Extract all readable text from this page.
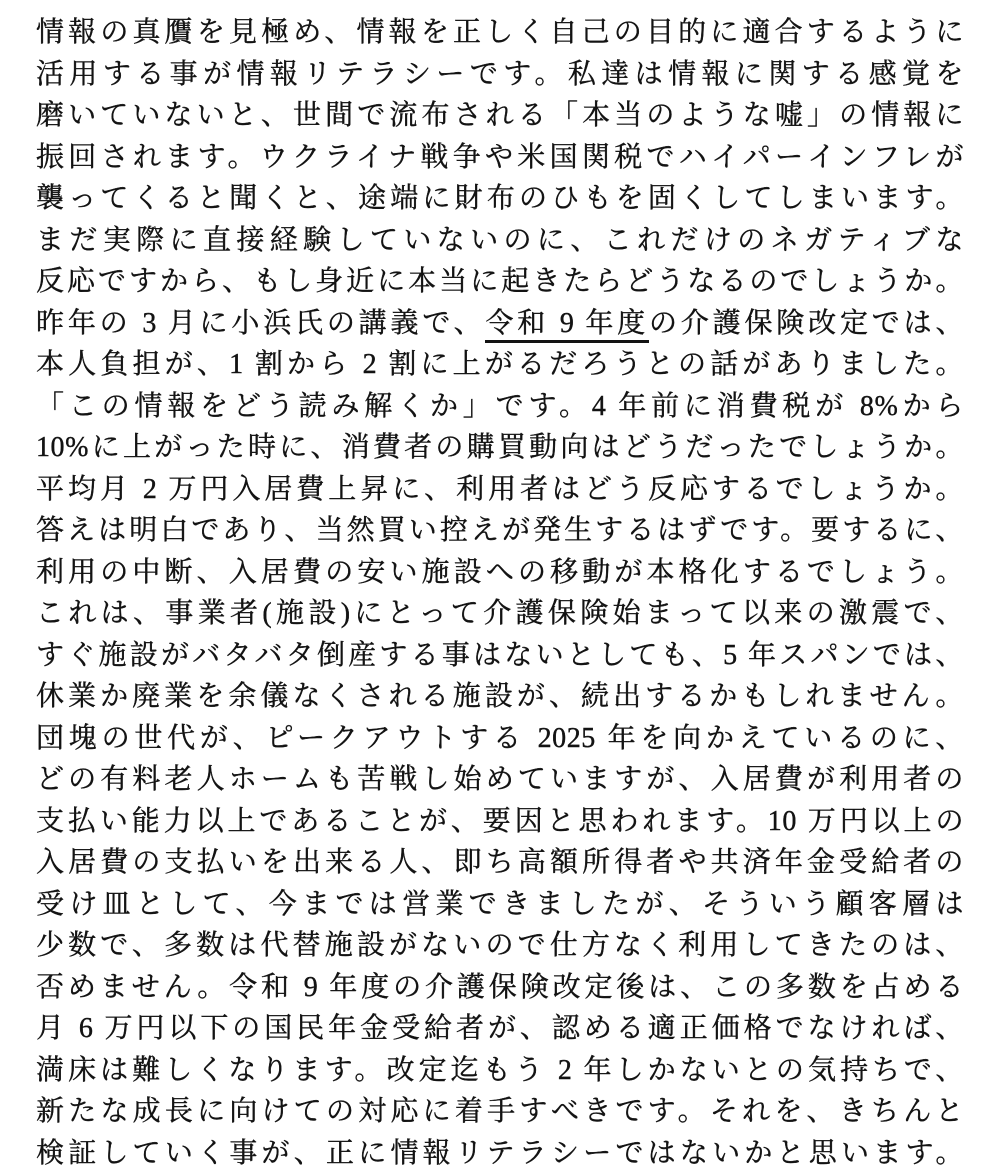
情報の真贋を見極め、情報を正しく自己の目的に適合するように
活用する事が情報リテラシーです。私達は情報に関する感覚を
磨いていないと、世間で流布される「本当のような嘘」の情報に
振回されます。ウクライナ戦争や米国関税でハイパーインフレが
襲ってくると聞くと、途端に財布のひもを固くしてしまいます。
まだ実際に直接経験していないのに、これだけのネガティブな
反応ですから、もし身近に本当に起きたらどうなるのでしょうか。
昨年の 3 月に小浜氏の講義で、令和 9 年度の介護保険改定では、
本人負担が、1 割から 2 割に上がるだろうとの話がありました。
「この情報をどう読み解くか」です。4 年前に消費税が 8%から
10%に上がった時に、消費者の購買動向はどうだったでしょうか。
平均月 2 万円入居費上昇に、利用者はどう反応するでしょうか。
答えは明白であり、当然買い控えが発生するはずです。要するに、
利用の中断、入居費の安い施設への移動が本格化するでしょう。
これは、事業者(施設)にとって介護保険始まって以来の激震で、
すぐ施設がバタバタ倒産する事はないとしても、5 年スパンでは、
休業か廃業を余儀なくされる施設が、続出するかもしれません。
団塊の世代が、ピークアウトする 2025 年を向かえているのに、
どの有料老人ホームも苦戦し始めていますが、入居費が利用者の
支払い能力以上であることが、要因と思われます。10 万円以上の
入居費の支払いを出来る人、即ち高額所得者や共済年金受給者の
受け皿として、今までは営業できましたが、そういう顧客層は
少数で、多数は代替施設がないので仕方なく利用してきたのは、
否めません。令和 9 年度の介護保険改定後は、この多数を占める
月 6 万円以下の国民年金受給者が、認める適正価格でなければ、
満床は難しくなります。改定迄もう 2 年しかないとの気持ちで、
新たな成長に向けての対応に着手すべきです。それを、きちんと
検証していく事が、正に情報リテラシーではないかと思います。
